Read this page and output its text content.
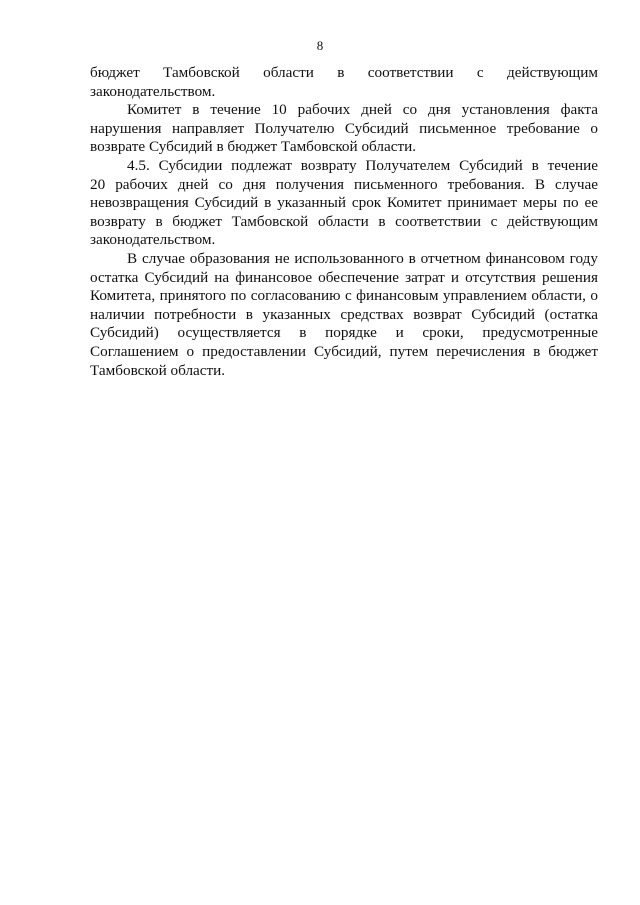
8

бюджет Тамбовской области в соответствии с действующим
законодательством.

Комитет в течение 10 рабочих дней со дня установления факта
нарушения направляет Получателю Субсидий письменное требование о
возврате Субсидий в бюджет Тамбовской области.

4.5. Субсидии подлежат возврату Получателем Субсидий в течение
20 рабочих дней со дня получения письменного требования. В случае
невозвращения Субсидий в указанный срок Комитет принимает меры по ее
возврату в бюджет Тамбовской области в соответствии с действующим
законодательством.

В случае образования не использованного в отчетном финансовом году
остатка Субсидий на финансовое обеспечение затрат и отсутствия решения
Комитета, принятого по согласованию с финансовым управлением области, о
наличии потребности в указанных средствах возврат Субсидий (остатка
Субсидий) осуществляется в порядке и сроки, предусмотренные
Соглашением о предоставлении Субсидий, путем перечисления в бюджет
Тамбовской области.
